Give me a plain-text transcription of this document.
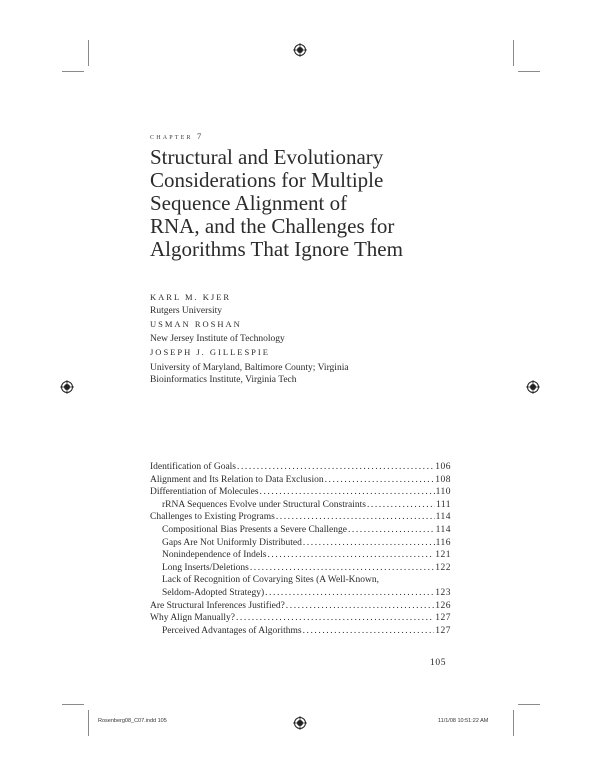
chapter 7
Structural and Evolutionary
Considerations for Multiple
Sequence Alignment of
RNA, and the Challenges for
Algorithms That Ignore Them
KARL M. KJER
Rutgers University
USMAN ROSHAN
New Jersey Institute of Technology
JOSEPH J. GILLESPIE
University of Maryland, Baltimore County; Virginia
Bioinformatics Institute, Virginia Tech
Identification of Goals . . .	106
Alignment and Its Relation to Data Exclusion . . .	108
Differentiation of Molecules . . .	110
rRNA Sequences Evolve under Structural Constraints . . .	111
Challenges to Existing Programs . . .	114
Compositional Bias Presents a Severe Challenge . . .	114
Gaps Are Not Uniformly Distributed . . .	116
Nonindependence of Indels . . .	121
Long Inserts/Deletions . . .	122
Lack of Recognition of Covarying Sites (A Well-Known,
Seldom-Adopted Strategy) . . .	123
Are Structural Inferences Justified? . . .	126
Why Align Manually? . . .	127
Perceived Advantages of Algorithms . . .	127
105
Rosenberg08_C07.indd 105	11/1/08 10:51:22 AM
